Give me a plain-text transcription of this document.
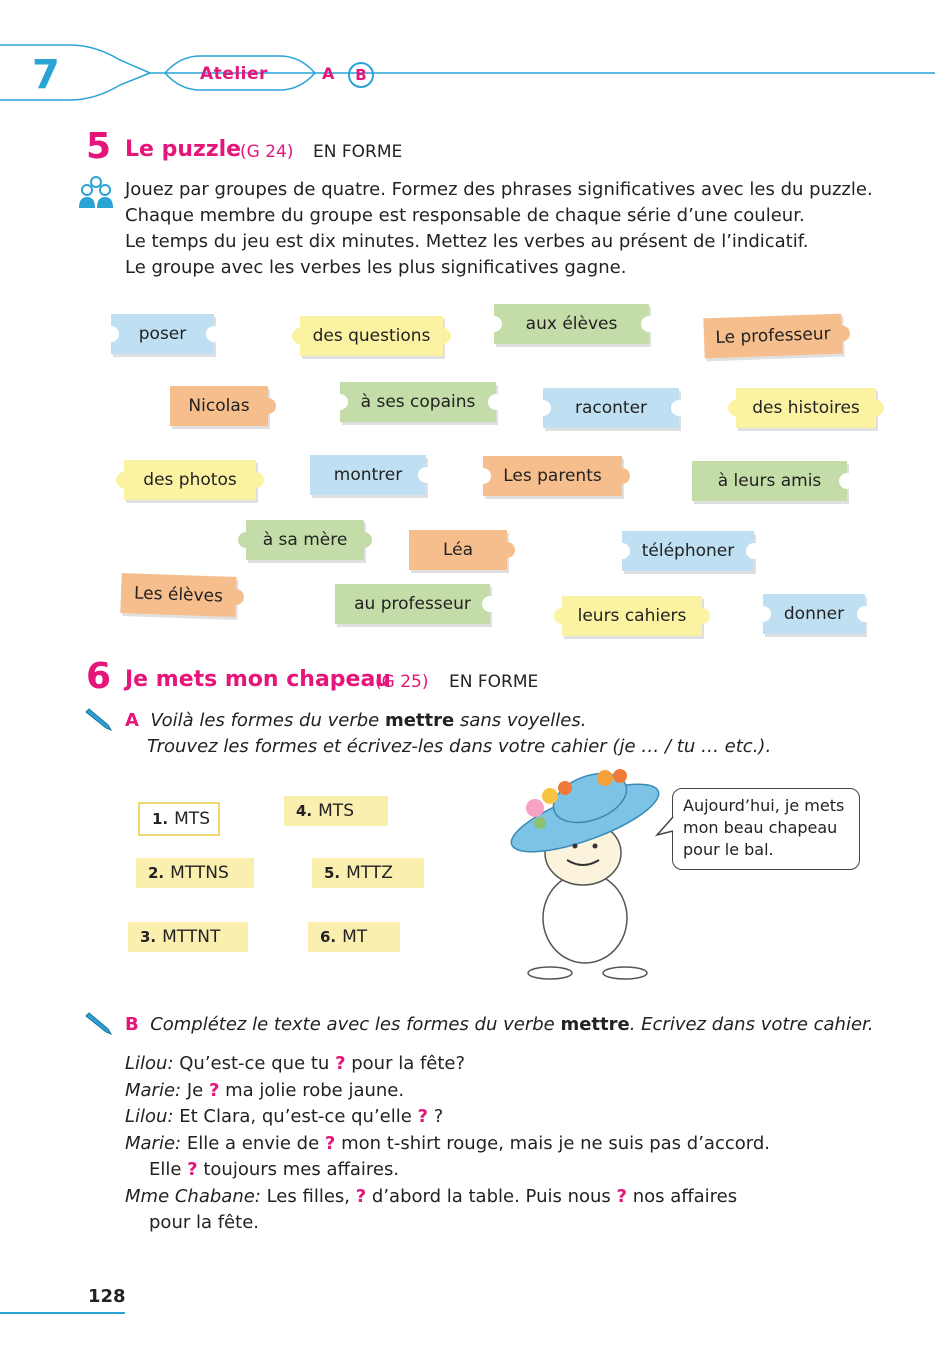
7	Atelier	A	B
5 Le puzzle
(G 24) EN FORME
Jouez par groupes de quatre. Formez des phrases significatives avec les du puzzle.
Chaque membre du groupe est responsable de chaque série d’une couleur.
Le temps du jeu est dix minutes. Mettez les verbes au présent de l’indicatif.
Le groupe avec les verbes les plus significatives gagne.
poser	des questions
aux élèves	Le professeur
Nicolas	à ses copains	raconter	des histoires
des photos	montrer	Les parents	à leurs amis
à sa mère	Léa	téléphoner
Les élèves	au professeur
leurs cahiers	donner
6 Je mets mon chapeau
(G 25) EN FORME
A Voilà les formes du verbe mettre sans voyelles.
Trouvez les formes et écrivez-les dans votre cahier (je … / tu … etc.).
1. MTS	4. MTS
2. MTTNS	5. MTTZ
3. MTTNT	6. MT
Aujourd’hui, je mets
mon beau chapeau
pour le bal.
B Complétez le texte avec les formes du verbe mettre. Ecrivez dans votre cahier.
Lilou: Qu’est-ce que tu ? pour la fête?
Marie: Je ? ma jolie robe jaune.
Lilou: Et Clara, qu’est-ce qu’elle ? ?
Marie: Elle a envie de ? mon t-shirt rouge, mais je ne suis pas d’accord.
Elle ? toujours mes affaires.
Mme Chabane: Les filles, ? d’abord la table. Puis nous ? nos affaires
pour la fête.
128
